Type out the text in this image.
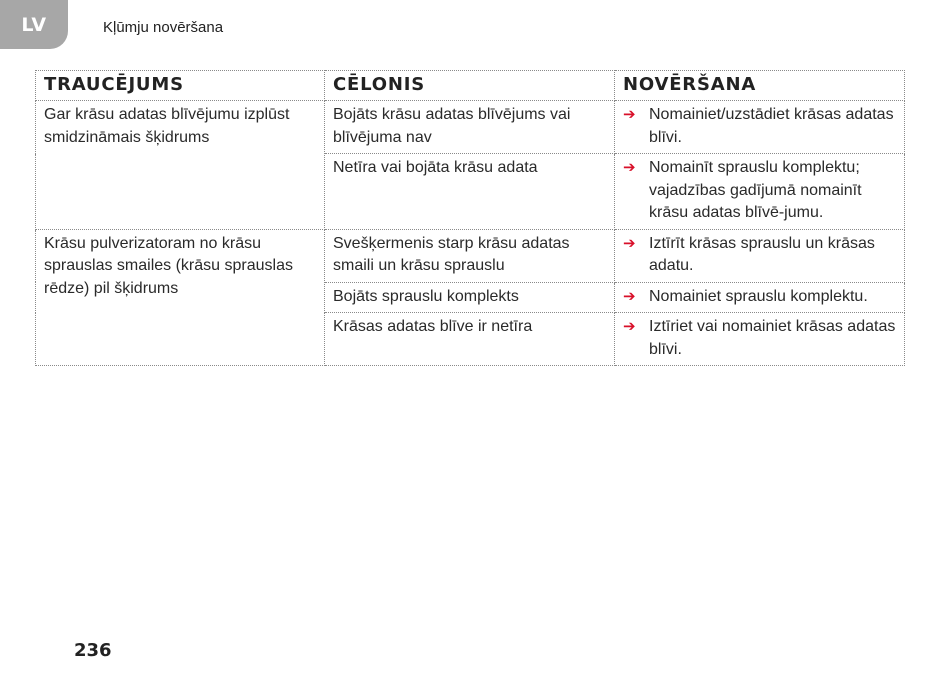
LV	Kļūmju novēršana
TRAUCĒJUMS	CĒLONIS	NOVĒRŠANA
Gar krāsu adatas blīvējumu izplūst smidzināmais šķidrums	Bojāts krāsu adatas blīvējums vai blīvējuma nav	➔ Nomainiet/uzstādiet krāsas adatas blīvi.

	Netīra vai bojāta krāsu adata	➔ Nomainīt sprauslu komplektu; vajadzības gadījumā nomainīt krāsu adatas blīvē-jumu.

Krāsu pulverizatoram no krāsu sprauslas smailes (krāsu sprauslas rēdze) pil šķidrums	Svešķermenis starp krāsu adatas smaili un krāsu sprauslu	➔ Iztīrīt krāsas sprauslu un krāsas adatu.

	Bojāts sprauslu komplekts	➔ Nomainiet sprauslu komplektu.

	Krāsas adatas blīve ir netīra	➔ Iztīriet vai nomainiet krāsas adatas blīvi.
236
